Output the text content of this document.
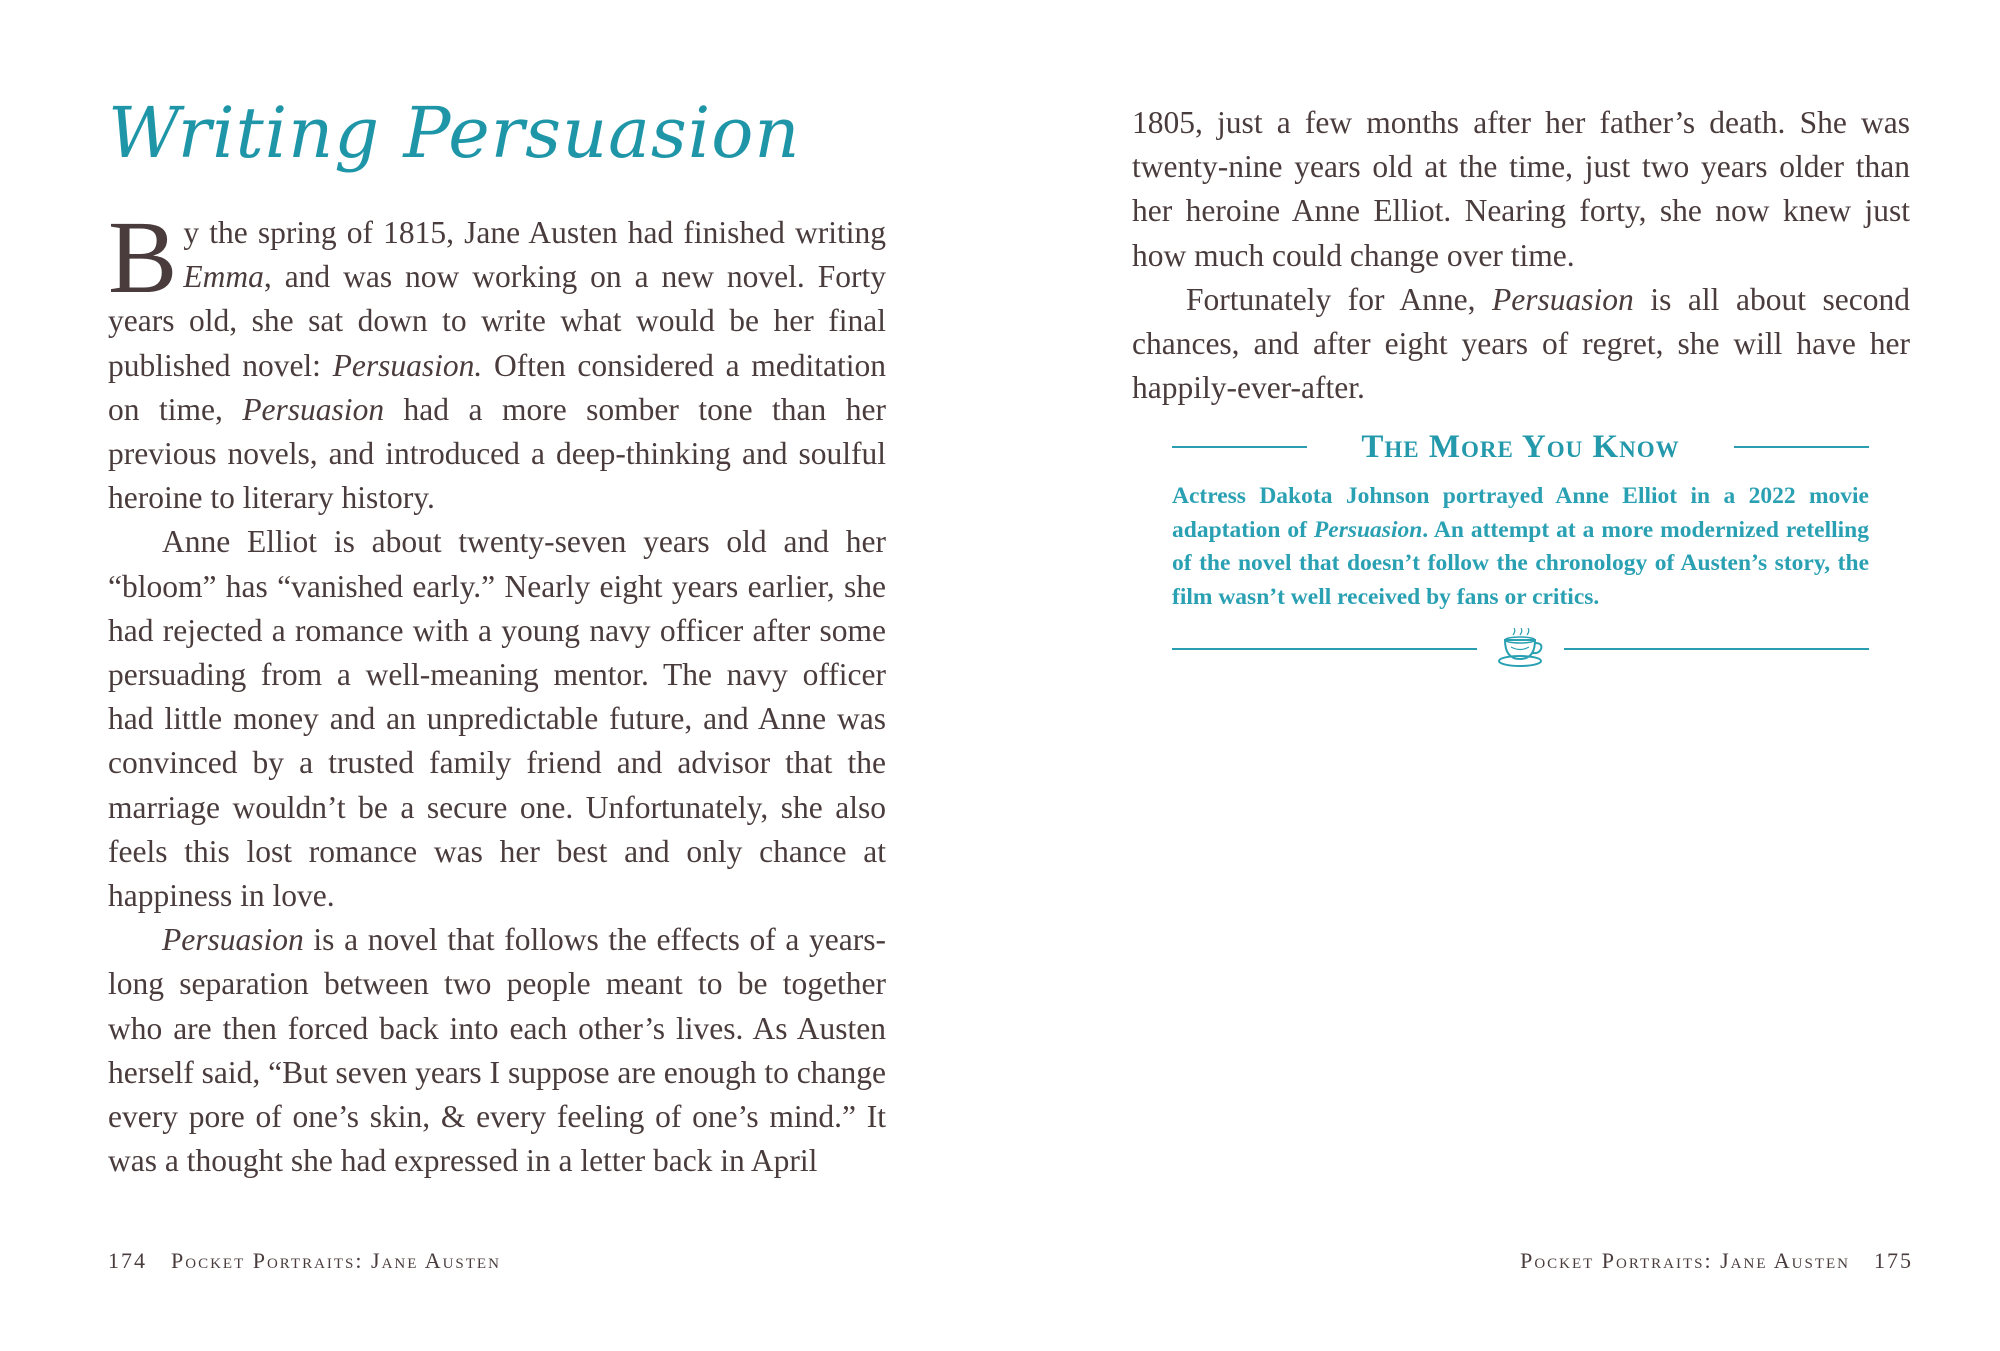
Writing Persuasion

By the spring of 1815, Jane Austen had finished writing Emma, and was now working on a new novel. Forty years old, she sat down to write what would be her final published novel: Persuasion. Often considered a meditation on time, Persuasion had a more somber tone than her previous novels, and introduced a deep-thinking and soulful heroine to literary history.

Anne Elliot is about twenty-seven years old and her “bloom” has “vanished early.” Nearly eight years earlier, she had rejected a romance with a young navy officer after some persuading from a well-meaning mentor. The navy officer had little money and an unpredictable future, and Anne was convinced by a trusted family friend and advisor that the marriage wouldn’t be a secure one. Unfortunately, she also feels this lost romance was her best and only chance at happiness in love.

Persuasion is a novel that follows the effects of a years-long separation between two people meant to be together who are then forced back into each other’s lives. As Austen herself said, “But seven years I suppose are enough to change every pore of one’s skin, & every feeling of one’s mind.” It was a thought she had expressed in a letter back in April

174 Pocket Portraits: Jane Austen

1805, just a few months after her father’s death. She was twenty-nine years old at the time, just two years older than her heroine Anne Elliot. Nearing forty, she now knew just how much could change over time.

Fortunately for Anne, Persuasion is all about second chances, and after eight years of regret, she will have her happily-ever-after.

The More You Know
Actress Dakota Johnson portrayed Anne Elliot in a 2022 movie adaptation of Persuasion. An attempt at a more modernized retelling of the novel that doesn’t follow the chronology of Austen’s story, the film wasn’t well received by fans or critics.
Pocket Portraits: Jane Austen 175
